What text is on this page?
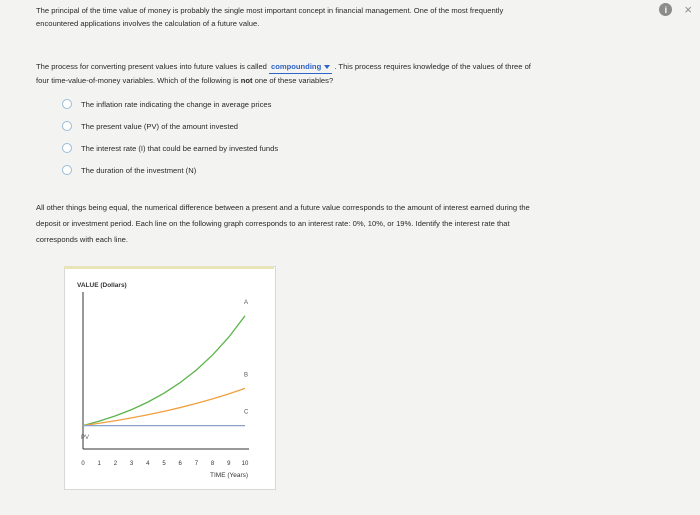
i	×
The principal of the time value of money is probably the single most important concept in financial management. One of the most frequently
encountered applications involves the calculation of a future value.
The process for converting present values into future values is called compounding . This process requires knowledge of the values of three of
four time-value-of-money variables. Which of the following is not one of these variables?
The inflation rate indicating the change in average prices
The present value (PV) of the amount invested
The interest rate (I) that could be earned by invested funds
The duration of the investment (N)
All other things being equal, the numerical difference between a present and a future value corresponds to the amount of interest earned during the
deposit or investment period. Each line on the following graph corresponds to an interest rate: 0%, 10%, or 19%. Identify the interest rate that
corresponds with each line.
VALUE (Dollars)
TIME (Years)
PV
0 1 2 3 4 5 6 7 8 9 10
A
B
C
